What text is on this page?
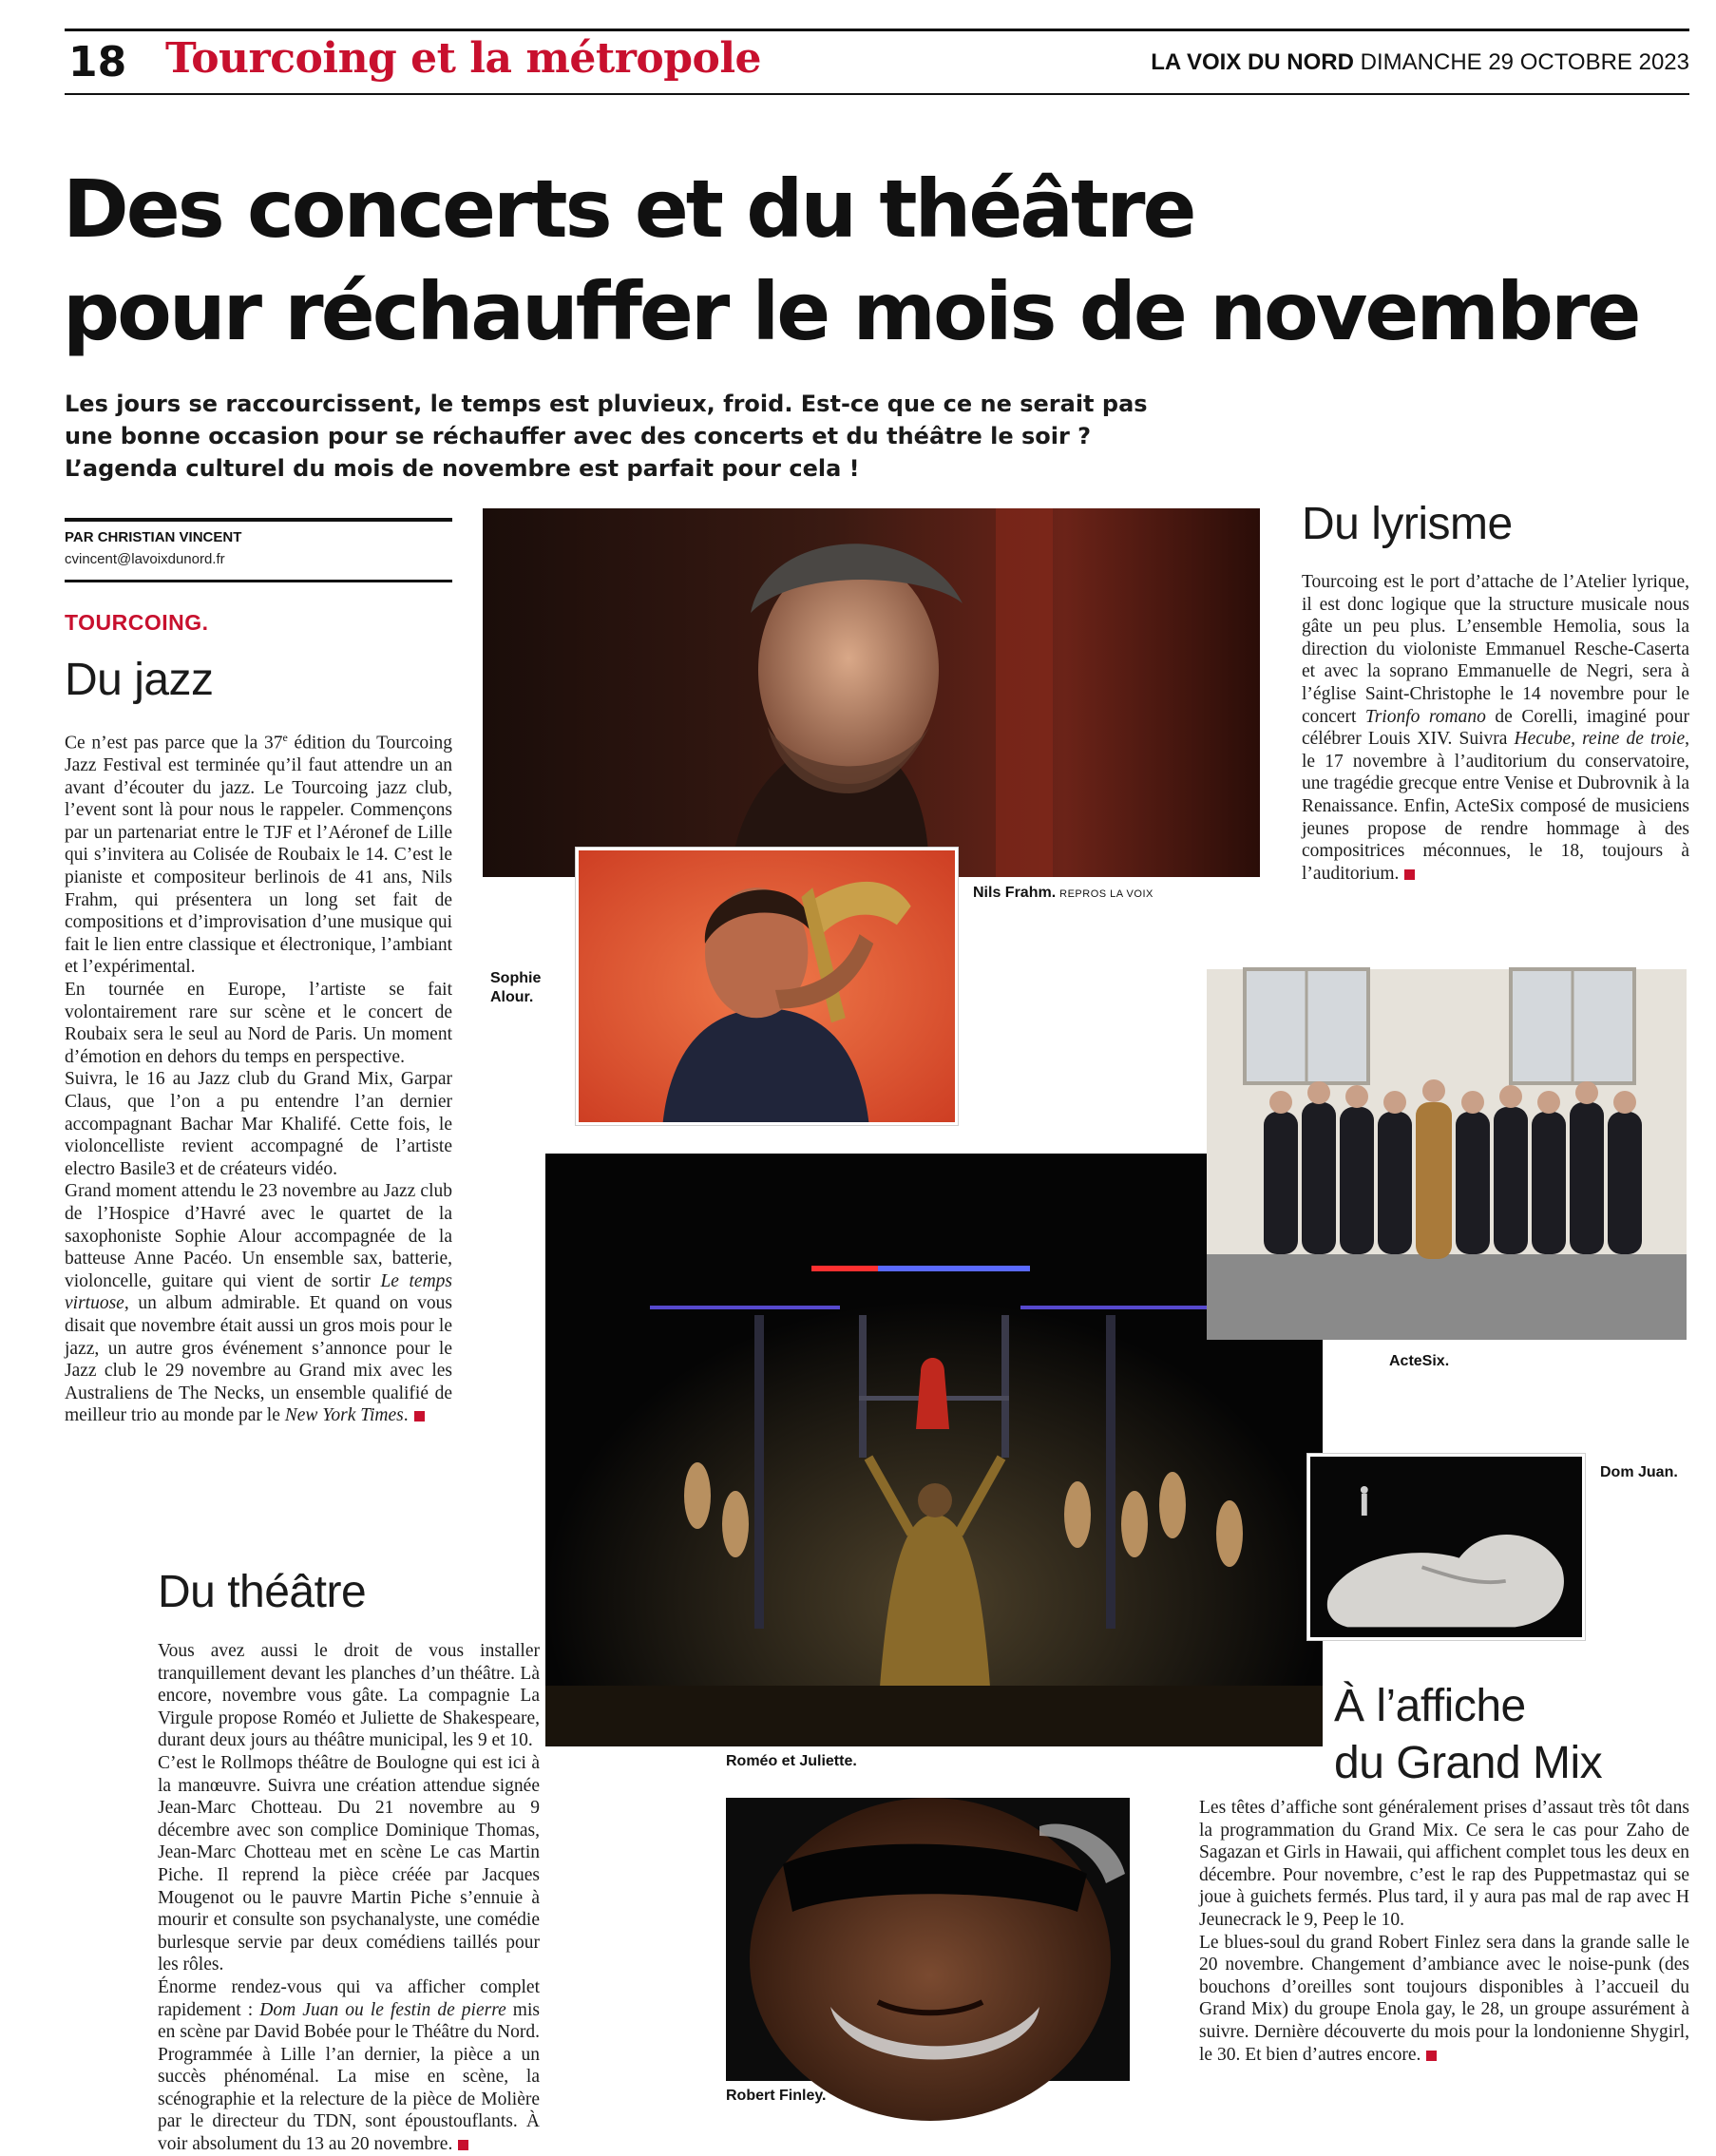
18 Tourcoing et la métropole	LA VOIX DU NORD DIMANCHE 29 OCTOBRE 2023
Des concerts et du théâtre
pour réchauffer le mois de novembre
Les jours se raccourcissent, le temps est pluvieux, froid. Est-ce que ce ne serait pas
une bonne occasion pour se réchauffer avec des concerts et du théâtre le soir ?
L’agenda culturel du mois de novembre est parfait pour cela !
PAR CHRISTIAN VINCENT
cvincent@lavoixdunord.fr
TOURCOING.
Du jazz

Ce n’est pas parce que la 37e édition du Tourcoing Jazz Festival est terminée qu’il faut attendre un an avant d’écouter du jazz. Le Tourcoing jazz club, l’event sont là pour nous le rappeler. Commençons par un partenariat entre le TJF et l’Aéronef de Lille qui s’invitera au Colisée de Roubaix le 14. C’est le pianiste et compositeur berlinois de 41 ans, Nils Frahm, qui présentera un long set fait de compositions et d’improvisation d’une musique qui fait le lien entre classique et électronique, l’ambiant et l’expérimental.

En tournée en Europe, l’artiste se fait volontairement rare sur scène et le concert de Roubaix sera le seul au Nord de Paris. Un moment d’émotion en dehors du temps en perspective.

Suivra, le 16 au Jazz club du Grand Mix, Garpar Claus, que l’on a pu entendre l’an dernier accompagnant Bachar Mar Khalifé. Cette fois, le violoncelliste revient accompagné de l’artiste electro Basile3 et de créateurs vidéo.

Grand moment attendu le 23 novembre au Jazz club de l’Hospice d’Havré avec le quartet de la saxophoniste Sophie Alour accompagnée de la batteuse Anne Pacéo. Un ensemble sax, batterie, violoncelle, guitare qui vient de sortir Le temps virtuose, un album admirable. Et quand on vous disait que novembre était aussi un gros mois pour le jazz, un autre gros événement s’annonce pour le Jazz club le 29 novembre au Grand mix avec les Australiens de The Necks, un ensemble qualifié de meilleur trio au monde par le New York Times.

Nils Frahm. REPROS LA VOIX
Sophie
Alour.
Roméo et Juliette.
ActeSix.
Dom Juan.
Robert Finley.
Du lyrisme

Tourcoing est le port d’attache de l’Atelier lyrique, il est donc logique que la structure musicale nous gâte un peu plus. L’ensemble Hemolia, sous la direction du violoniste Emmanuel Resche-Caserta et avec la soprano Emmanuelle de Negri, sera à l’église Saint-Christophe le 14 novembre pour le concert Trionfo romano de Corelli, imaginé pour célébrer Louis XIV. Suivra Hecube, reine de troie, le 17 novembre à l’auditorium du conservatoire, une tragédie grecque entre Venise et Dubrovnik à la Renaissance. Enfin, ActeSix composé de musiciens jeunes propose de rendre hommage à des compositrices méconnues, le 18, toujours à l’auditorium.

Du théâtre

Vous avez aussi le droit de vous installer tranquillement devant les planches d’un théâtre. Là encore, novembre vous gâte. La compagnie La Virgule propose Roméo et Juliette de Shakespeare, durant deux jours au théâtre municipal, les 9 et 10.

C’est le Rollmops théâtre de Boulogne qui est ici à la manœuvre. Suivra une création attendue signée Jean-Marc Chotteau. Du 21 novembre au 9 décembre avec son complice Dominique Thomas, Jean-Marc Chotteau met en scène Le cas Martin Piche. Il reprend la pièce créée par Jacques Mougenot ou le pauvre Martin Piche s’ennuie à mourir et consulte son psychanalyste, une comédie burlesque servie par deux comédiens taillés pour les rôles.

Énorme rendez-vous qui va afficher complet rapidement : Dom Juan ou le festin de pierre mis en scène par David Bobée pour le Théâtre du Nord. Programmée à Lille l’an dernier, la pièce a un succès phénoménal. La mise en scène, la scénographie et la relecture de la pièce de Molière par le directeur du TDN, sont époustouflants. À voir absolument du 13 au 20 novembre.

À l’affiche
du Grand Mix

Les têtes d’affiche sont généralement prises d’assaut très tôt dans la programmation du Grand Mix. Ce sera le cas pour Zaho de Sagazan et Girls in Hawaii, qui affichent complet tous les deux en décembre. Pour novembre, c’est le rap des Puppetmastaz qui se joue à guichets fermés. Plus tard, il y aura pas mal de rap avec H Jeunecrack le 9, Peep le 10.

Le blues-soul du grand Robert Finlez sera dans la grande salle le 20 novembre. Changement d’ambiance avec le noise-punk (des bouchons d’oreilles sont toujours disponibles à l’accueil du Grand Mix) du groupe Enola gay, le 28, un groupe assurément à suivre. Dernière découverte du mois pour la londonienne Shygirl, le 30. Et bien d’autres encore.
